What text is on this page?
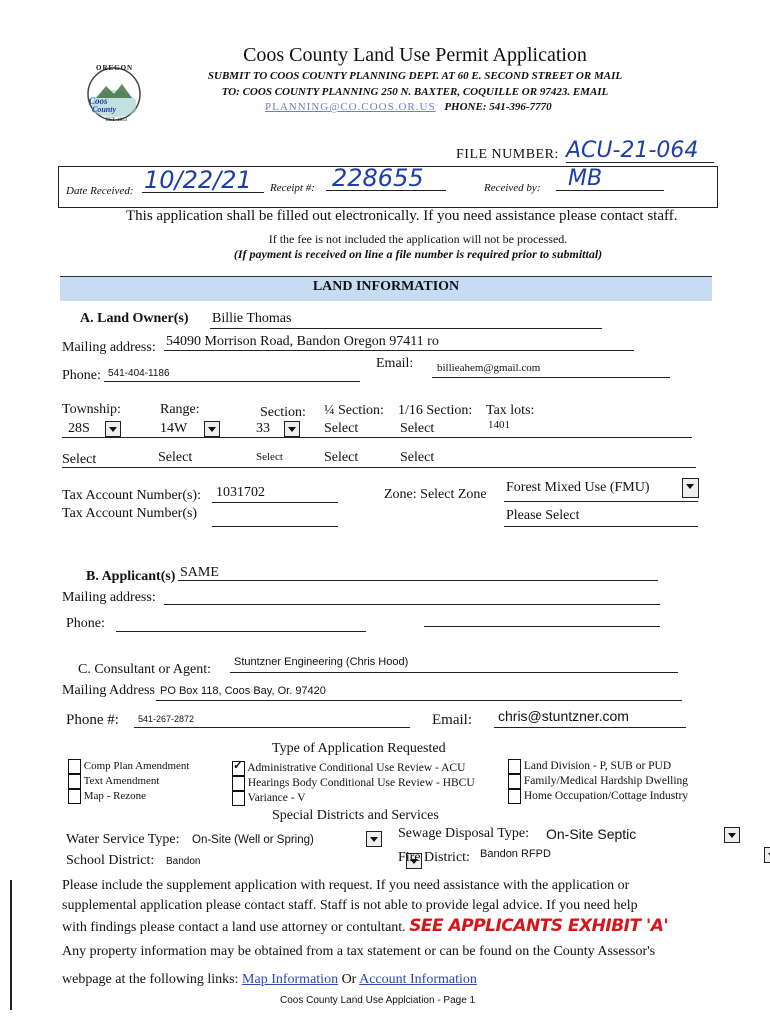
OREGON
Coos
County
EST. 1853
Coos County Land Use Permit Application
SUBMIT TO COOS COUNTY PLANNING DEPT. AT 60 E. SECOND STREET OR MAIL
TO: COOS COUNTY PLANNING 250 N. BAXTER, COQUILLE OR 97423. EMAIL
PLANNING@CO.COOS.OR.US PHONE: 541-396-7770
FILE NUMBER: ACU-21-064
Date Received: 10/22/21 Receipt #: 228655	Received by: MB
This application shall be filled out electronically. If you need assistance please contact staff.
If the fee is not included the application will not be processed.
(If payment is received on line a file number is required prior to submittal)
LAND INFORMATION
A. Land Owner(s) Billie Thomas
Mailing address: 54090 Morrison Road, Bandon Oregon 97411 ro
Email: billieahem@gmail.com
Phone: 541-404-1186
Township:	Range:	Section: ¼ Section: 1/16 Section: Tax lots:
28S	14W	33	Select	Select	1401
Select	Select	Select	Select	Select
Tax Account Number(s): 1031702
Tax Account Number(s)
Zone: Select Zone Forest Mixed Use (FMU)
Please Select
B. Applicant(s) SAME
Mailing address:
Phone:
C. Consultant or Agent: Stuntzner Engineering (Chris Hood)
Mailing Address PO Box 118, Coos Bay, Or. 97420
Phone #: 541-267-2872	Email: chris@stuntzner.com
Type of Application Requested
Comp Plan Amendment
Text Amendment
Map - Rezone
✓ Administrative Conditional Use Review - ACU
Hearings Body Conditional Use Review - HBCU
Variance - V
Land Division - P, SUB or PUD
Family/Medical Hardship Dwelling
Home Occupation/Cottage Industry
Special Districts and Services
Water Service Type: On-Site (Well or Spring)
	Sewage Disposal Type: On-Site Septic

School District: Bandon
	Fire District: Bandon RFPD
Please include the supplement application with request. If you need assistance with the application or
supplemental application please contact staff. Staff is not able to provide legal advice. If you need help
with findings please contact a land use attorney or contultant. SEE APPLICANTS EXHIBIT 'A'
Any property information may be obtained from a tax statement or can be found on the County Assessor's
webpage at the following links: Map Information Or Account Information
Coos County Land Use Applciation - Page 1
